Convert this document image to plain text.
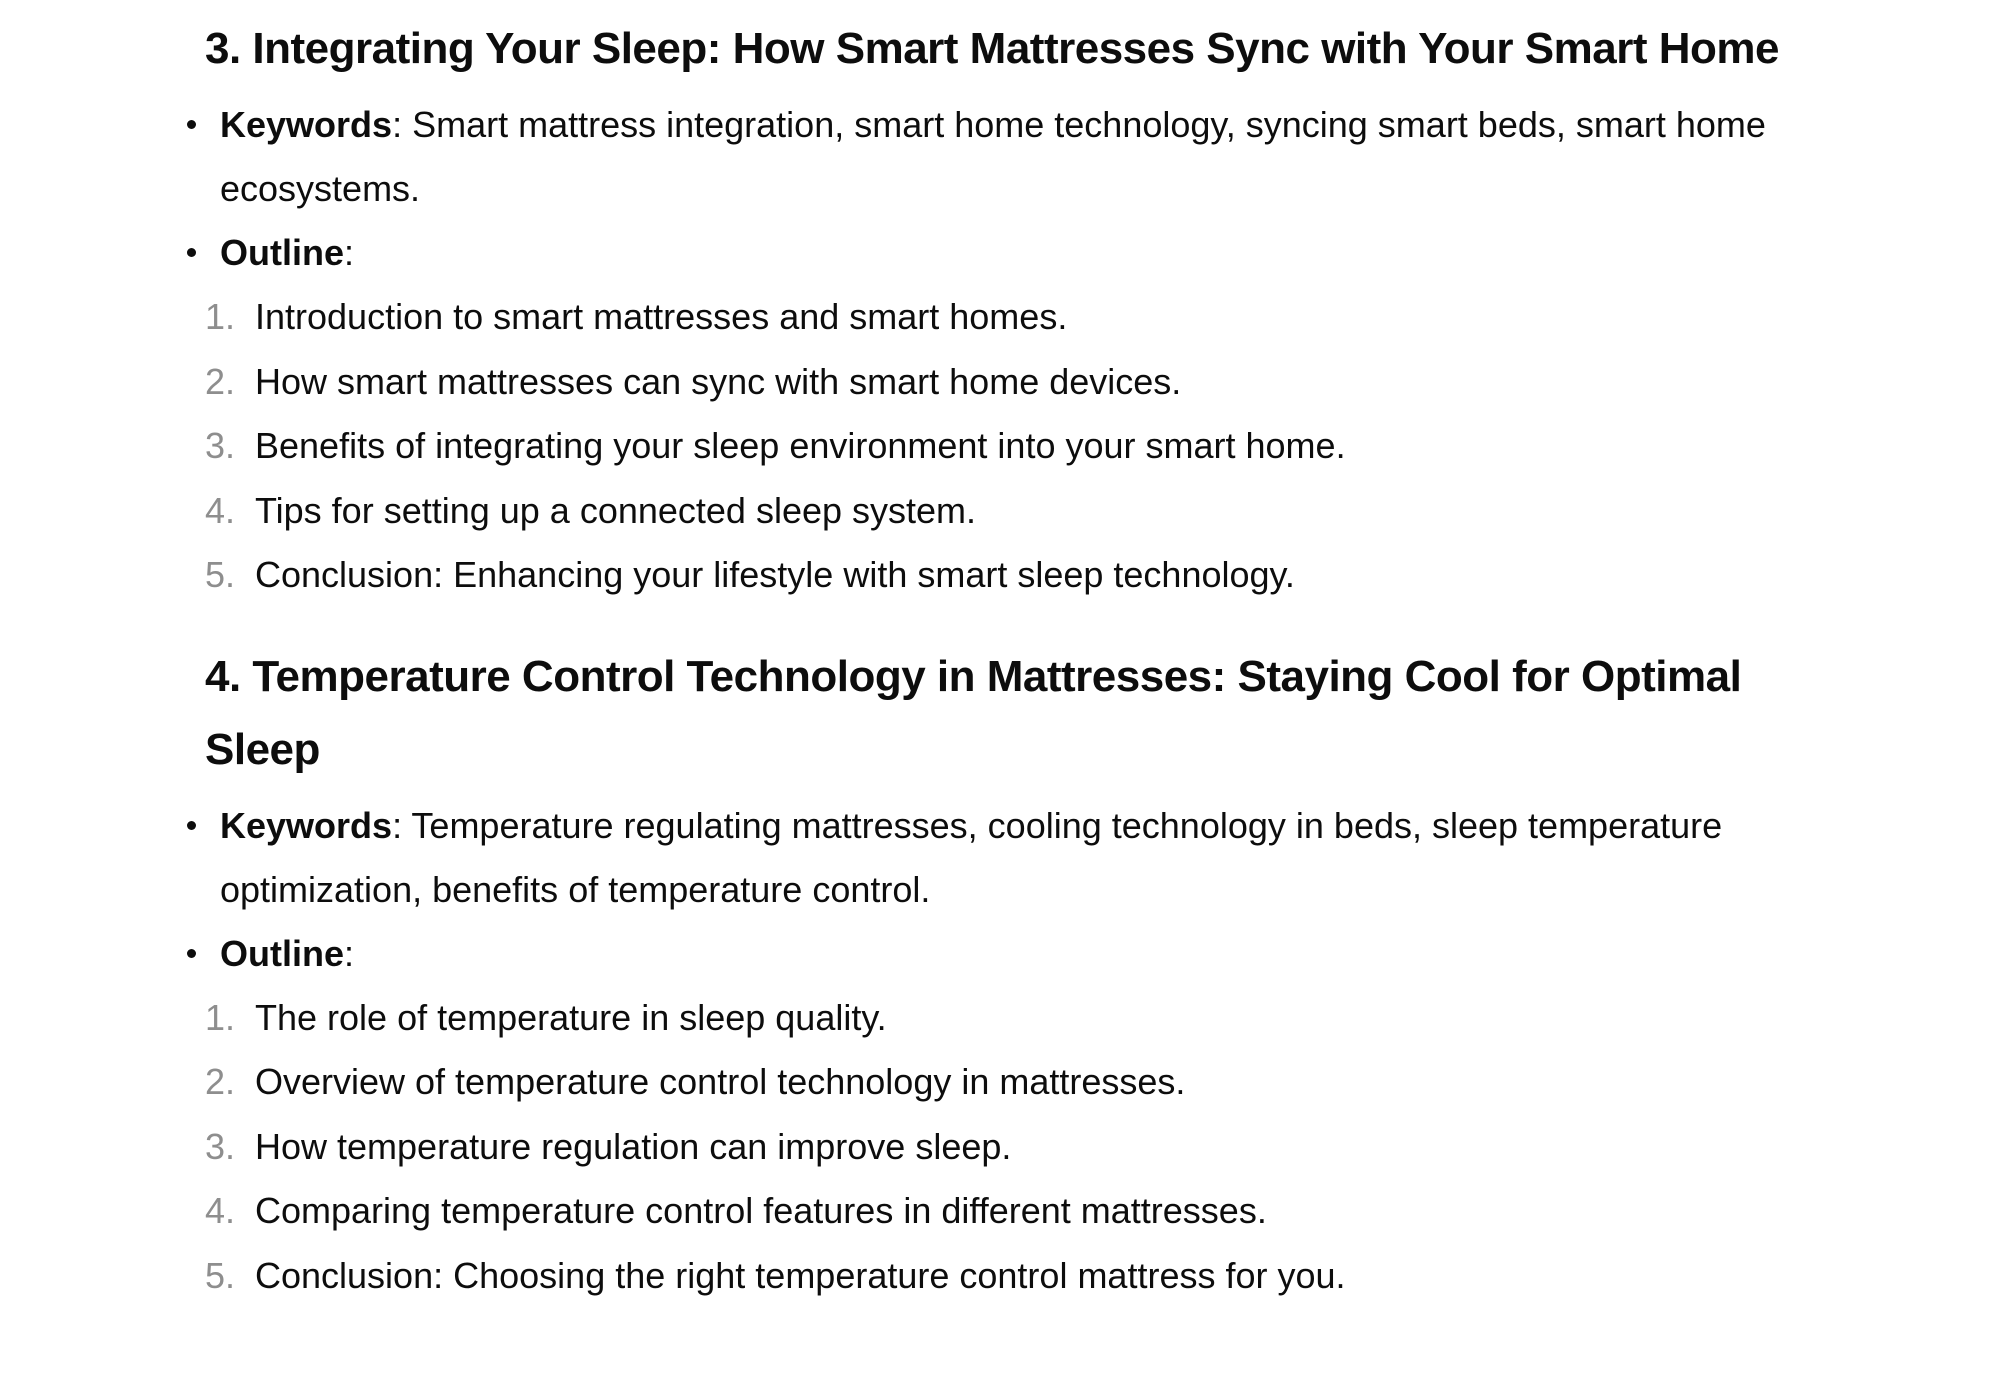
3. Integrating Your Sleep: How Smart Mattresses Sync with Your Smart Home
Keywords: Smart mattress integration, smart home technology, syncing smart beds, smart home ecosystems.
Outline:
1. Introduction to smart mattresses and smart homes.
2. How smart mattresses can sync with smart home devices.
3. Benefits of integrating your sleep environment into your smart home.
4. Tips for setting up a connected sleep system.
5. Conclusion: Enhancing your lifestyle with smart sleep technology.
4. Temperature Control Technology in Mattresses: Staying Cool for Optimal Sleep
Keywords: Temperature regulating mattresses, cooling technology in beds, sleep temperature optimization, benefits of temperature control.
Outline:
1. The role of temperature in sleep quality.
2. Overview of temperature control technology in mattresses.
3. How temperature regulation can improve sleep.
4. Comparing temperature control features in different mattresses.
5. Conclusion: Choosing the right temperature control mattress for you.
